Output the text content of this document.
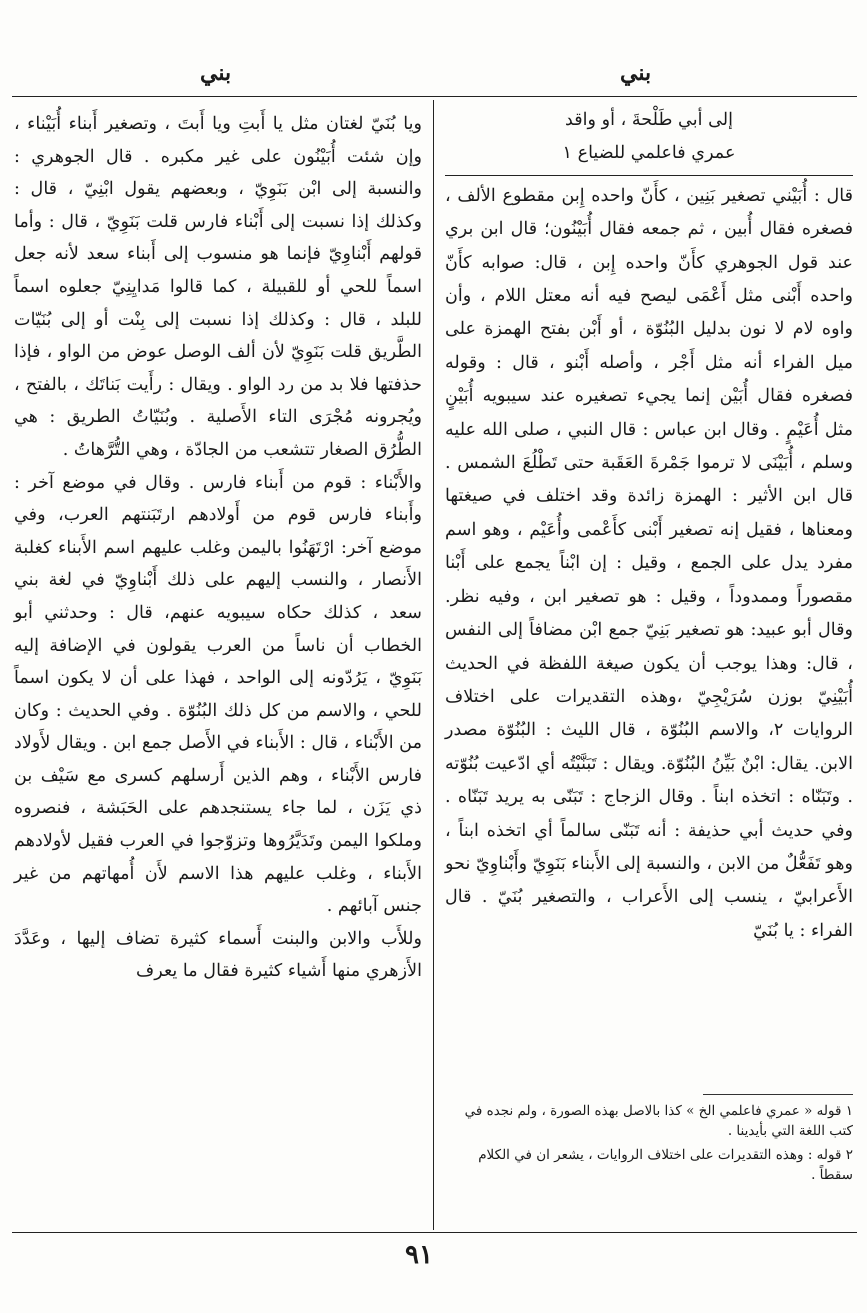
بني
بني

إلى أبي طَلْحةَ ، أو واقد

عمري فاعلمي للضياع ١

قال : أُبَيْني تصغير بَنِين ، كأَنّ واحده إِبن مقطوع الألف ، فصغره فقال أُبين ، ثم جمعه فقال أُبَيْنُون؛ قال ابن بري عند قول الجوهري كأَنّ واحده إِبن ، قال: صوابه كأَنّ واحده أَبْنى مثل أَعْمَى ليصح فيه أنه معتل اللام ، وأن واوه لام لا نون بدليل البُنُوّة ، أو أَبْن بفتح الهمزة على ميل الفراء أنه مثل أَجْر ، وأصله أَبْنو ، قال : وقوله فصغره فقال أُبَيْن إنما يجيء تصغيره عند سيبويه أُبَيْنٍ مثل أُعَيْمٍ . وقال ابن عباس : قال النبي ، صلى الله عليه وسلم ، أُبَيْنَى لا ترموا جَمْرةَ العَقَبة حتى تَطْلُعَ الشمس . قال ابن الأثير : الهمزة زائدة وقد اختلف في صيغتها ومعناها ، فقيل إنه تصغير أَبْنى كأَعْمى وأُعَيْم ، وهو اسم مفرد يدل على الجمع ، وقيل : إن ابْناً يجمع على أَبْنا مقصوراً وممدوداً ، وقيل : هو تصغير ابن ، وفيه نظر. وقال أبو عبيد: هو تصغير بَنِيّ جمع ابْن مضافاً إلى النفس ، قال: وهذا يوجب أن يكون صيغة اللفظة في الحديث أُبَيْنِيّ بوزن سُرَيْجِيّ ،وهذه التقديرات على اختلاف الروايات ٢، والاسم البُنُوّة ، قال الليث : البُنُوّة مصدر الابن. يقال: ابْنٌ بَيِّنُ البُنُوّة. ويقال : تَبَنَّيْتُه أي ادّعيت بُنُوّته . وتَبَنّاه : اتخذه ابناً . وقال الزجاج : تَبَنّى به يريد تَبَنّاه . وفي حديث أبي حذيفة : أنه تَبَنّى سالماً أي اتخذه ابناً ، وهو تَفَعُّلٌ من الابن ، والنسبة إلى الأَبناء بَنَوِيّ وأَبْناوِيّ نحو الأَعرابيّ ، ينسب إلى الأَعراب ، والتصغير بُنَيّ . قال الفراء : يا بُنَيّ

١ قوله « عمري فاعلمي الخ » كذا بالاصل بهذه الصورة ، ولم نجده في كتب اللغة التي بأيدينا .

٢ قوله : وهذه التقديرات على اختلاف الروايات ، يشعر ان في الكلام سقطاً .

ويا بُنَيّ لغتان مثل يا أَبتِ ويا أَبتَ ، وتصغير أَبناء أُبَيْناء ، وإن شئت أُبَيْنُون على غير مكبره . قال الجوهري : والنسبة إلى ابْن بَنَوِيّ ، وبعضهم يقول ابْنِيّ ، قال : وكذلك إذا نسبت إلى أَبْناء فارس قلت بَنَوِيّ ، قال : وأما قولهم أَبْناوِيّ فإنما هو منسوب إلى أَبناء سعد لأنه جعل اسماً للحي أو للقبيلة ، كما قالوا مَدايِنِيّ جعلوه اسماً للبلد ، قال : وكذلك إذا نسبت إلى بِنْت أو إلى بُنَيّات الطَّريق قلت بَنَوِيّ لأن ألف الوصل عوض من الواو ، فإذا حذفتها فلا بد من رد الواو . ويقال : رأَيت بَناتَك ، بالفتح ، ويُجرونه مُجْرَى التاء الأَصلية . وبُنَيّاتُ الطريق : هي الطُّرُق الصغار تتشعب من الجادّة ، وهي التُّرَّهاتُ .

والأَبْناء : قوم من أَبناء فارس . وقال في موضع آخر : وأَبناء فارس قوم من أَولادهم ارتَبَنتهم العرب، وفي موضع آخر: ارْتَهَنُوا باليمن وغلب عليهم اسم الأَبناء كغلبة الأَنصار ، والنسب إليهم على ذلك أَبْناوِيّ في لغة بني سعد ، كذلك حكاه سيبويه عنهم، قال : وحدثني أبو الخطاب أن ناساً من العرب يقولون في الإضافة إليه بَنَوِيّ ، يَرُدّونه إلى الواحد ، فهذا على أن لا يكون اسماً للحي ، والاسم من كل ذلك البُنُوّة . وفي الحديث : وكان من الأَبْناء ، قال : الأَبناء في الأَصل جمع ابن . ويقال لأَولاد فارس الأَبْناء ، وهم الذين أَرسلهم كسرى مع سَيْف بن ذي يَزَن ، لما جاء يستنجدهم على الحَبَشة ، فنصروه وملكوا اليمن وتَدَيَّرُوها وتزوّجوا في العرب فقيل لأولادهم الأَبناء ، وغلب عليهم هذا الاسم لأَن أُمهاتهم من غير جنس آبائهم .

وللأَب والابن والبنت أَسماء كثيرة تضاف إليها ، وعَدَّدَ الأَزهري منها أَشياء كثيرة فقال ما يعرف

٩١
